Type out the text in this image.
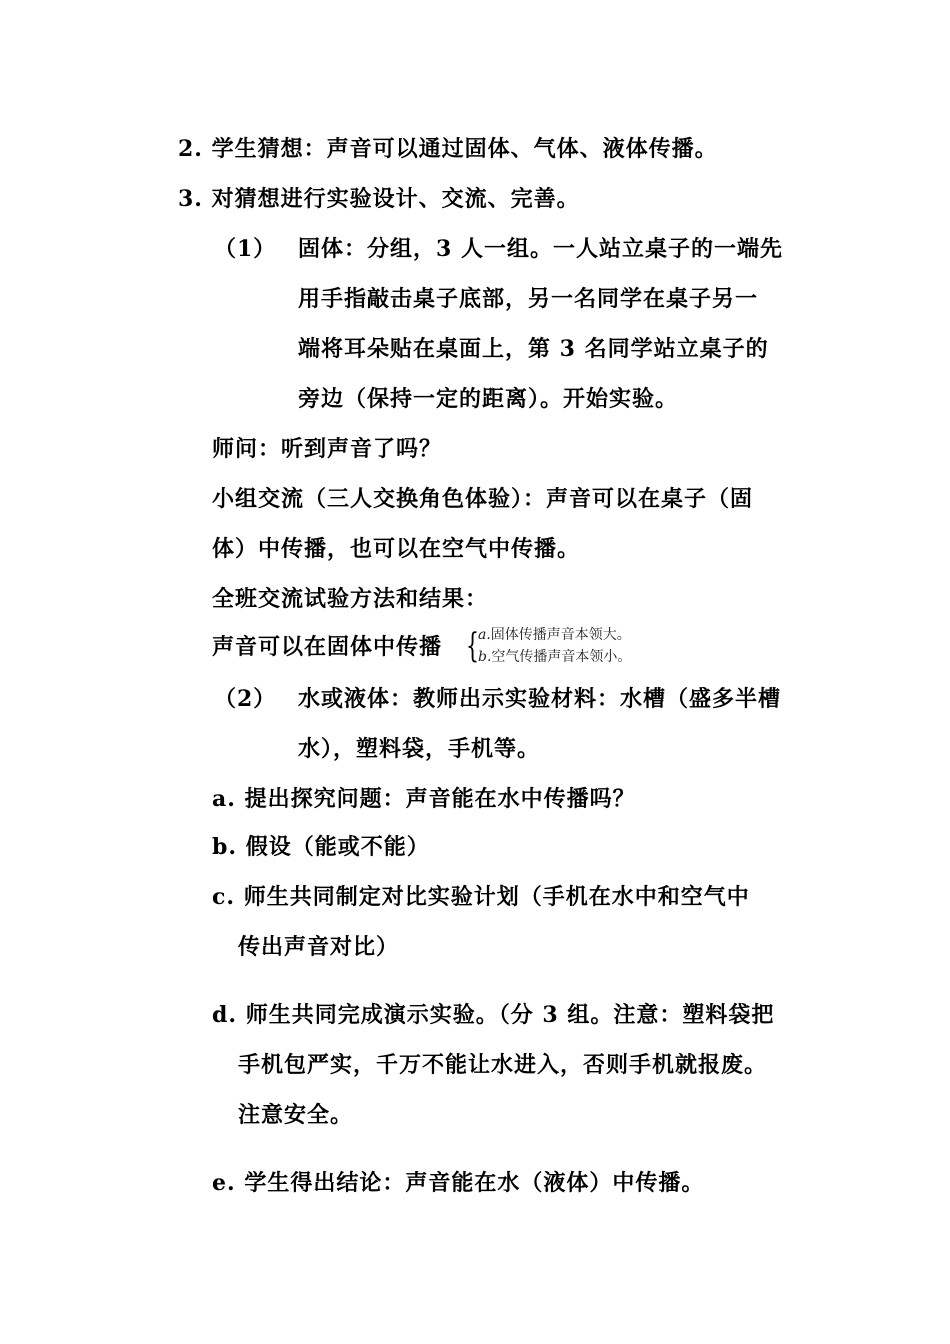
2. 学生猜想：声音可以通过固体、气体、液体传播。
3. 对猜想进行实验设计、交流、完善。
（1） 固体：分组，3 人一组。一人站立桌子的一端先
用手指敲击桌子底部，另一名同学在桌子另一
端将耳朵贴在桌面上，第 3 名同学站立桌子的
旁边（保持一定的距离）。开始实验。
师问：听到声音了吗？
小组交流（三人交换角色体验）：声音可以在桌子（固
体）中传播，也可以在空气中传播。
全班交流试验方法和结果：
声音可以在固体中传播 { a.固体传播声音本领大。
b.空气传播声音本领小。
（2） 水或液体：教师出示实验材料：水槽（盛多半槽
水），塑料袋，手机等。
a. 提出探究问题：声音能在水中传播吗？
b. 假设（能或不能）
c. 师生共同制定对比实验计划（手机在水中和空气中
传出声音对比）
d. 师生共同完成演示实验。（分 3 组。注意：塑料袋把
手机包严实，千万不能让水进入，否则手机就报废。
注意安全。
e. 学生得出结论：声音能在水（液体）中传播。
